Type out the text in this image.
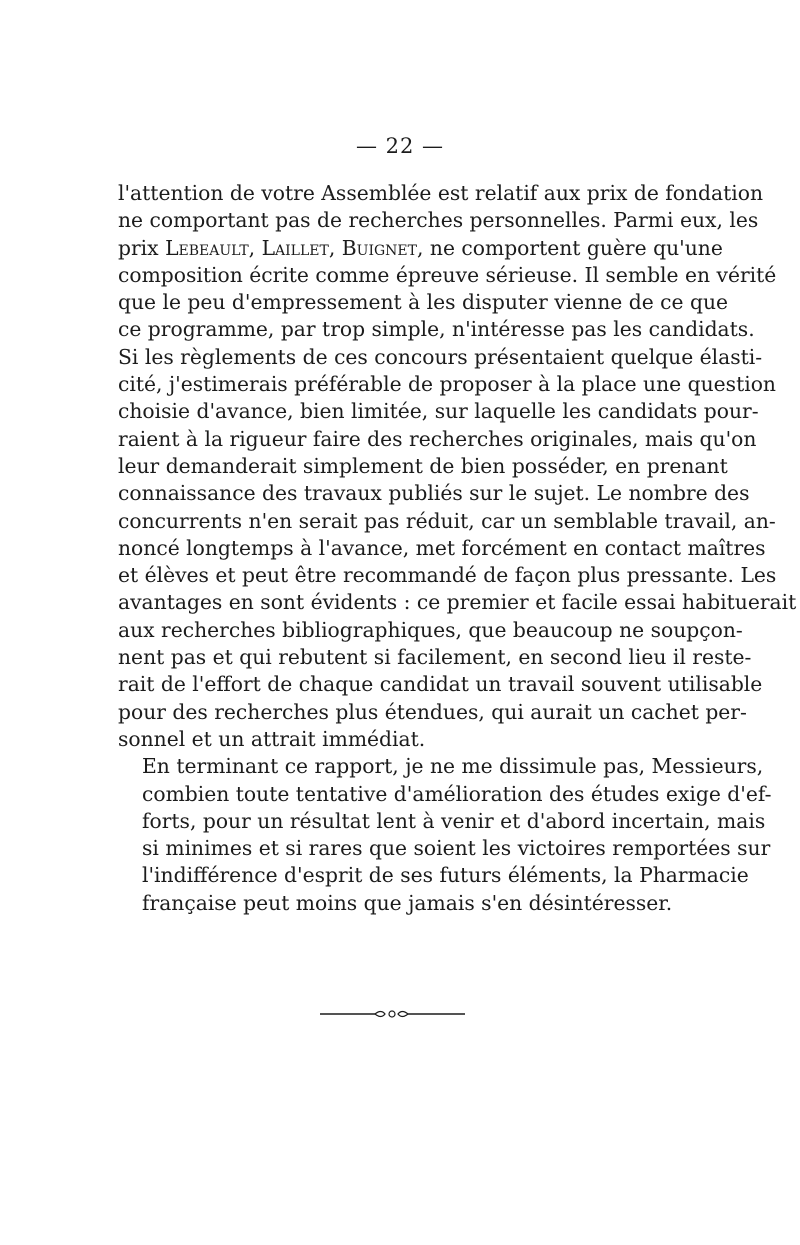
— 22 —

l'attention de votre Assemblée est relatif aux prix de fondation
ne comportant pas de recherches personnelles. Parmi eux, les
prix Lebeault, Laillet, Buignet, ne comportent guère qu'une
composition écrite comme épreuve sérieuse. Il semble en vérité
que le peu d'empressement à les disputer vienne de ce que
ce programme, par trop simple, n'intéresse pas les candidats.
Si les règlements de ces concours présentaient quelque élasti-
cité, j'estimerais préférable de proposer à la place une question
choisie d'avance, bien limitée, sur laquelle les candidats pour-
raient à la rigueur faire des recherches originales, mais qu'on
leur demanderait simplement de bien posséder, en prenant
connaissance des travaux publiés sur le sujet. Le nombre des
concurrents n'en serait pas réduit, car un semblable travail, an-
noncé longtemps à l'avance, met forcément en contact maîtres
et élèves et peut être recommandé de façon plus pressante. Les
avantages en sont évidents : ce premier et facile essai habituerait
aux recherches bibliographiques, que beaucoup ne soupçon-
nent pas et qui rebutent si facilement, en second lieu il reste-
rait de l'effort de chaque candidat un travail souvent utilisable
pour des recherches plus étendues, qui aurait un cachet per-
sonnel et un attrait immédiat.

En terminant ce rapport, je ne me dissimule pas, Messieurs,
combien toute tentative d'amélioration des études exige d'ef-
forts, pour un résultat lent à venir et d'abord incertain, mais
si minimes et si rares que soient les victoires remportées sur
l'indifférence d'esprit de ses futurs éléments, la Pharmacie
française peut moins que jamais s'en désintéresser.
